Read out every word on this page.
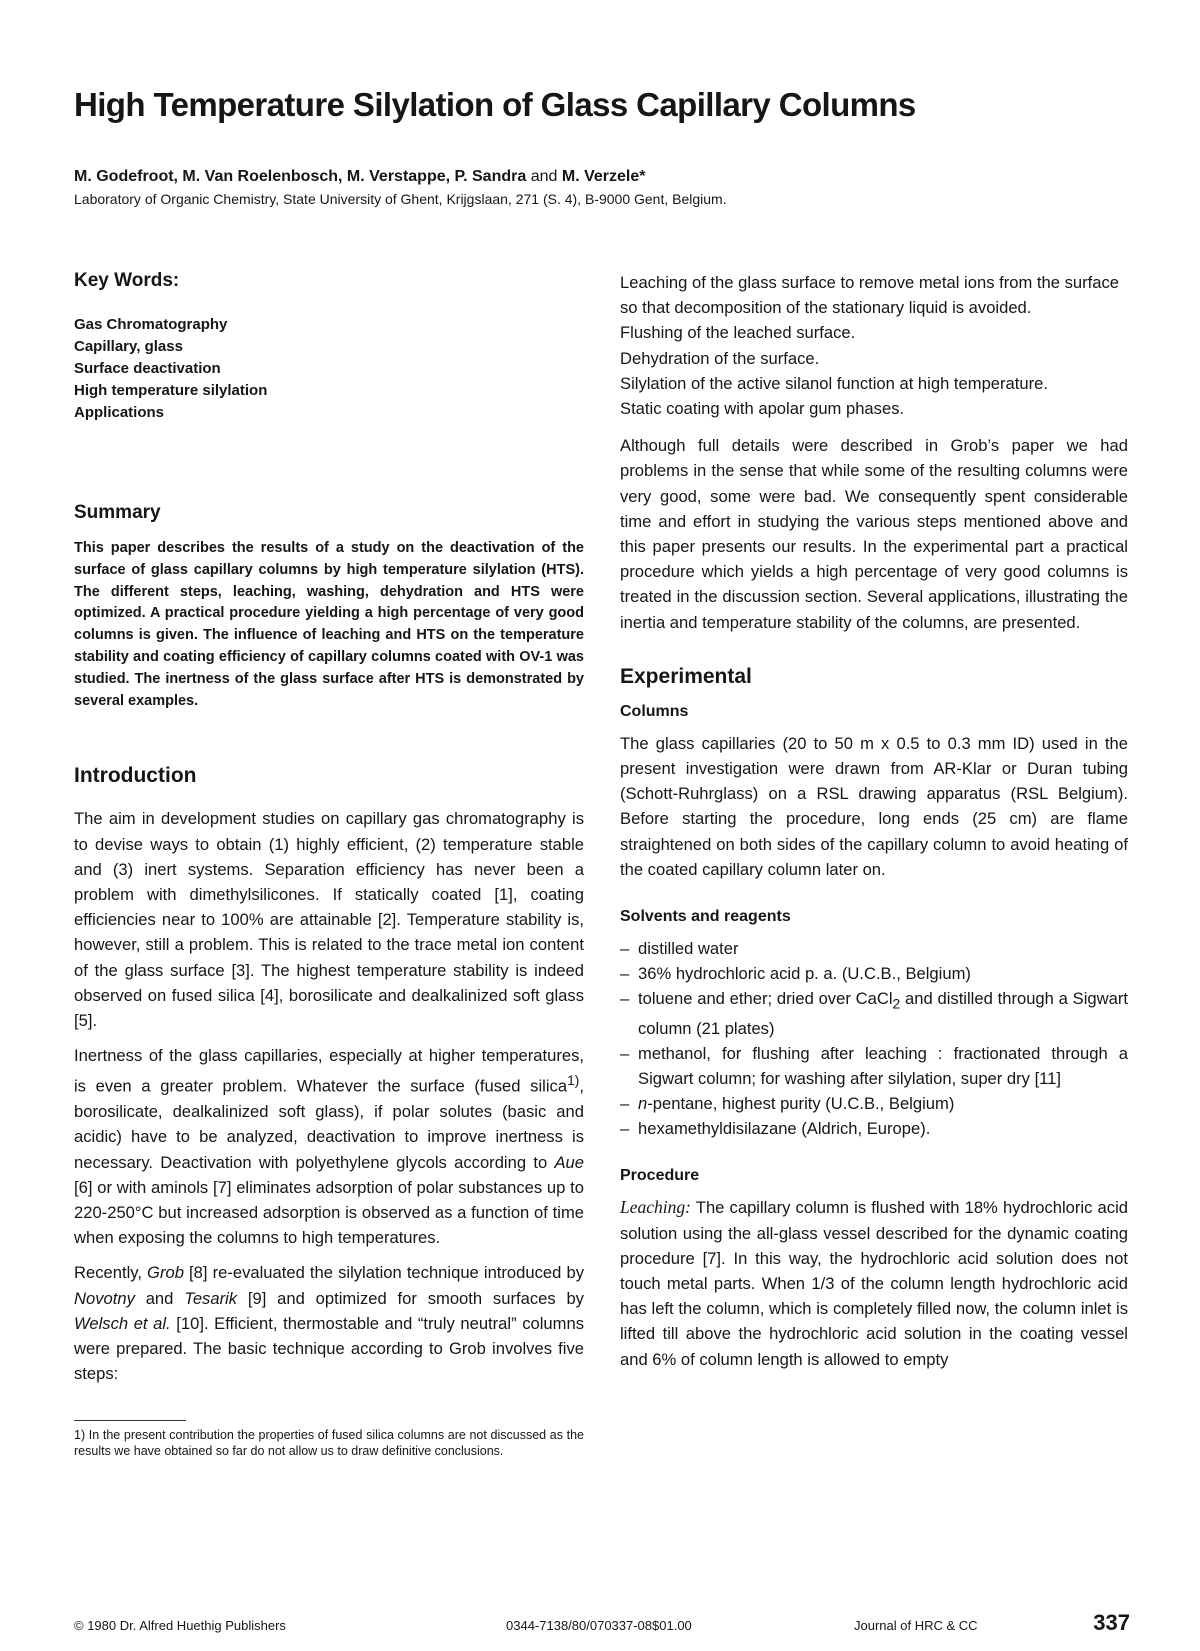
High Temperature Silylation of Glass Capillary Columns
M. Godefroot, M. Van Roelenbosch, M. Verstappe, P. Sandra and M. Verzele*
Laboratory of Organic Chemistry, State University of Ghent, Krijgslaan, 271 (S. 4), B-9000 Gent, Belgium.
Key Words:
Gas Chromatography
Capillary, glass
Surface deactivation
High temperature silylation
Applications
Summary

This paper describes the results of a study on the deactivation of the surface of glass capillary columns by high temperature silylation (HTS). The different steps, leaching, washing, dehydration and HTS were optimized. A practical procedure yielding a high percentage of very good columns is given. The influence of leaching and HTS on the temperature stability and coating efficiency of capillary columns coated with OV-1 was studied. The inertness of the glass surface after HTS is demonstrated by several examples.

Introduction

The aim in development studies on capillary gas chromatography is to devise ways to obtain (1) highly efficient, (2) temperature stable and (3) inert systems. Separation efficiency has never been a problem with dimethylsilicones. If statically coated [1], coating efficiencies near to 100% are attainable [2]. Temperature stability is, however, still a problem. This is related to the trace metal ion content of the glass surface [3]. The highest temperature stability is indeed observed on fused silica [4], borosilicate and dealkalinized soft glass [5].

Inertness of the glass capillaries, especially at higher temperatures, is even a greater problem. Whatever the surface (fused silica$^{1)}$, borosilicate, dealkalinized soft glass), if polar solutes (basic and acidic) have to be analyzed, deactivation to improve inertness is necessary. Deactivation with polyethylene glycols according to Aue [6] or with aminols [7] eliminates adsorption of polar substances up to 220-250°C but increased adsorption is observed as a function of time when exposing the columns to high temperatures.

Recently, Grob [8] re-evaluated the silylation technique introduced by Novotny and Tesarik [9] and optimized for smooth surfaces by Welsch et al. [10]. Efficient, thermostable and “truly neutral” columns were prepared. The basic technique according to Grob involves five steps:

1) In the present contribution the properties of fused silica columns are not discussed as the results we have obtained so far do not allow us to draw definitive conclusions.

Leaching of the glass surface to remove metal ions from the surface so that decomposition of the stationary liquid is avoided.
Flushing of the leached surface.
Dehydration of the surface.
Silylation of the active silanol function at high temperature.
Static coating with apolar gum phases.

Although full details were described in Grob’s paper we had problems in the sense that while some of the resulting columns were very good, some were bad. We consequently spent considerable time and effort in studying the various steps mentioned above and this paper presents our results. In the experimental part a practical procedure which yields a high percentage of very good columns is treated in the discussion section. Several applications, illustrating the inertia and temperature stability of the columns, are presented.

Experimental
Columns

The glass capillaries (20 to 50 m x 0.5 to 0.3 mm ID) used in the present investigation were drawn from AR-Klar or Duran tubing (Schott-Ruhrglass) on a RSL drawing apparatus (RSL Belgium). Before starting the procedure, long ends (25 cm) are flame straightened on both sides of the capillary column to avoid heating of the coated capillary column later on.

Solvents and reagents
– distilled water
– 36% hydrochloric acid p. a. (U.C.B., Belgium)
– toluene and ether; dried over CaCl$_2$ and distilled through a Sigwart column (21 plates)
– methanol, for flushing after leaching : fractionated through a Sigwart column; for washing after silylation, super dry [11]
– n-pentane, highest purity (U.C.B., Belgium)
– hexamethyldisilazane (Aldrich, Europe).
Procedure

Leaching: The capillary column is flushed with 18% hydrochloric acid solution using the all-glass vessel described for the dynamic coating procedure [7]. In this way, the hydrochloric acid solution does not touch metal parts. When 1/3 of the column length hydrochloric acid has left the column, which is completely filled now, the column inlet is lifted till above the hydrochloric acid solution in the coating vessel and 6% of column length is allowed to empty

© 1980 Dr. Alfred Huethig Publishers	0344-7138/80/070337-08$01.00	Journal of HRC & CC	337
